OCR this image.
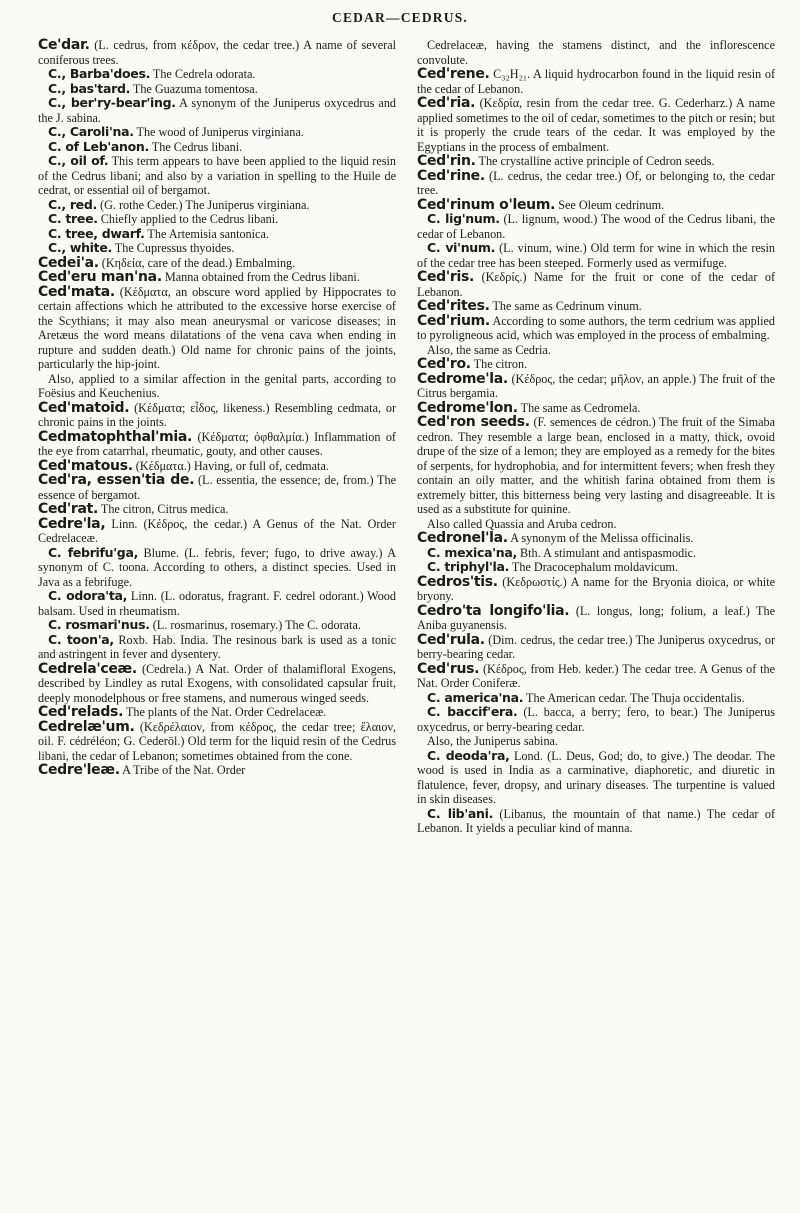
CEDAR—CEDRUS.

Ce'dar. (L. cedrus, from κέδρον, the cedar tree.) A name of several coniferous trees.

C., Barba'does. The Cedrela odorata.

C., bas'tard. The Guazuma tomentosa.

C., ber'ry-bear'ing. A synonym of the Juniperus oxycedrus and the J. sabina.

C., Caroli'na. The wood of Juniperus virginiana.

C. of Leb'anon. The Cedrus libani.

C., oil of. This term appears to have been applied to the liquid resin of the Cedrus libani; and also by a variation in spelling to the Huile de cedrat, or essential oil of bergamot.

C., red. (G. rothe Ceder.) The Juniperus virginiana.

C. tree. Chiefly applied to the Cedrus libani.

C. tree, dwarf. The Artemisia santonica.

C., white. The Cupressus thyoides.

Cedei'a. (Κηδεία, care of the dead.) Embalming.

Ced'eru man'na. Manna obtained from the Cedrus libani.

Ced'mata. (Κέδματα, an obscure word applied by Hippocrates to certain affections which he attributed to the excessive horse exercise of the Scythians; it may also mean aneurysmal or varicose diseases; in Aretæus the word means dilatations of the vena cava when ending in rupture and sudden death.) Old name for chronic pains of the joints, particularly the hip-joint.

Also, applied to a similar affection in the genital parts, according to Foësius and Keuchenius.

Ced'matoid. (Κέδματα; εἶδος, likeness.) Resembling cedmata, or chronic pains in the joints.

Cedmatophthal'mia. (Κέδματα; ὀφθαλμία.) Inflammation of the eye from catarrhal, rheumatic, gouty, and other causes.

Ced'matous. (Κέδματα.) Having, or full of, cedmata.

Ced'ra, essen'tia de. (L. essentia, the essence; de, from.) The essence of bergamot.

Ced'rat. The citron, Citrus medica.

Cedre'la, Linn. (Κέδρος, the cedar.) A Genus of the Nat. Order Cedrelaceæ.

C. febrifu'ga, Blume. (L. febris, fever; fugo, to drive away.) A synonym of C. toona. According to others, a distinct species. Used in Java as a febrifuge.

C. odora'ta, Linn. (L. odoratus, fragrant. F. cedrel odorant.) Wood balsam. Used in rheumatism.

C. rosmari'nus. (L. rosmarinus, rosemary.) The C. odorata.

C. toon'a, Roxb. Hab. India. The resinous bark is used as a tonic and astringent in fever and dysentery.

Cedrela'ceæ. (Cedrela.) A Nat. Order of thalamifloral Exogens, described by Lindley as rutal Exogens, with consolidated capsular fruit, deeply monodelphous or free stamens, and numerous winged seeds.

Ced'relads. The plants of the Nat. Order Cedrelaceæ.

Cedrelæ'um. (Κεδρέλαιον, from κέδρος, the cedar tree; ἔλαιον, oil. F. cédréléon; G. Cederöl.) Old term for the liquid resin of the Cedrus libani, the cedar of Lebanon; sometimes obtained from the cone.

Cedre'leæ. A Tribe of the Nat. Order

Cedrelaceæ, having the stamens distinct, and the inflorescence convolute.

Ced'rene. C₃₂H₂₁. A liquid hydrocarbon found in the liquid resin of the cedar of Lebanon.

Ced'ria. (Κεδρία, resin from the cedar tree. G. Cederharz.) A name applied sometimes to the oil of cedar, sometimes to the pitch or resin; but it is properly the crude tears of the cedar. It was employed by the Egyptians in the process of embalment.

Ced'rin. The crystalline active principle of Cedron seeds.

Ced'rine. (L. cedrus, the cedar tree.) Of, or belonging to, the cedar tree.

Ced'rinum o'leum. See Oleum cedrinum.

C. lig'num. (L. lignum, wood.) The wood of the Cedrus libani, the cedar of Lebanon.

C. vi'num. (L. vinum, wine.) Old term for wine in which the resin of the cedar tree has been steeped. Formerly used as vermifuge.

Ced'ris. (Κεδρίς.) Name for the fruit or cone of the cedar of Lebanon.

Ced'rites. The same as Cedrinum vinum.

Ced'rium. According to some authors, the term cedrium was applied to pyroligneous acid, which was employed in the process of embalming.

Also, the same as Cedria.

Ced'ro. The citron.

Cedrome'la. (Κέδρος, the cedar; μῆλον, an apple.) The fruit of the Citrus bergamia.

Cedrome'lon. The same as Cedromela.

Ced'ron seeds. (F. semences de cédron.) The fruit of the Simaba cedron. They resemble a large bean, enclosed in a matty, thick, ovoid drupe of the size of a lemon; they are employed as a remedy for the bites of serpents, for hydrophobia, and for intermittent fevers; when fresh they contain an oily matter, and the whitish farina obtained from them is extremely bitter, this bitterness being very lasting and disagreeable. It is used as a substitute for quinine.

Also called Quassia and Aruba cedron.

Cedronel'la. A synonym of the Melissa officinalis.

C. mexica'na, Bth. A stimulant and antispasmodic.

C. triphyl'la. The Dracocephalum moldavicum.

Cedros'tis. (Κεδρωστίς.) A name for the Bryonia dioica, or white bryony.

Cedro'ta longifo'lia. (L. longus, long; folium, a leaf.) The Aniba guyanensis.

Ced'rula. (Dim. cedrus, the cedar tree.) The Juniperus oxycedrus, or berry-bearing cedar.

Ced'rus. (Κέδρος, from Heb. keder.) The cedar tree. A Genus of the Nat. Order Coniferæ.

C. america'na. The American cedar. The Thuja occidentalis.

C. baccif'era. (L. bacca, a berry; fero, to bear.) The Juniperus oxycedrus, or berry-bearing cedar.

Also, the Juniperus sabina.

C. deoda'ra, Lond. (L. Deus, God; do, to give.) The deodar. The wood is used in India as a carminative, diaphoretic, and diuretic in flatulence, fever, dropsy, and urinary diseases. The turpentine is valued in skin diseases.

C. lib'ani. (Libanus, the mountain of that name.) The cedar of Lebanon. It yields a peculiar kind of manna.
